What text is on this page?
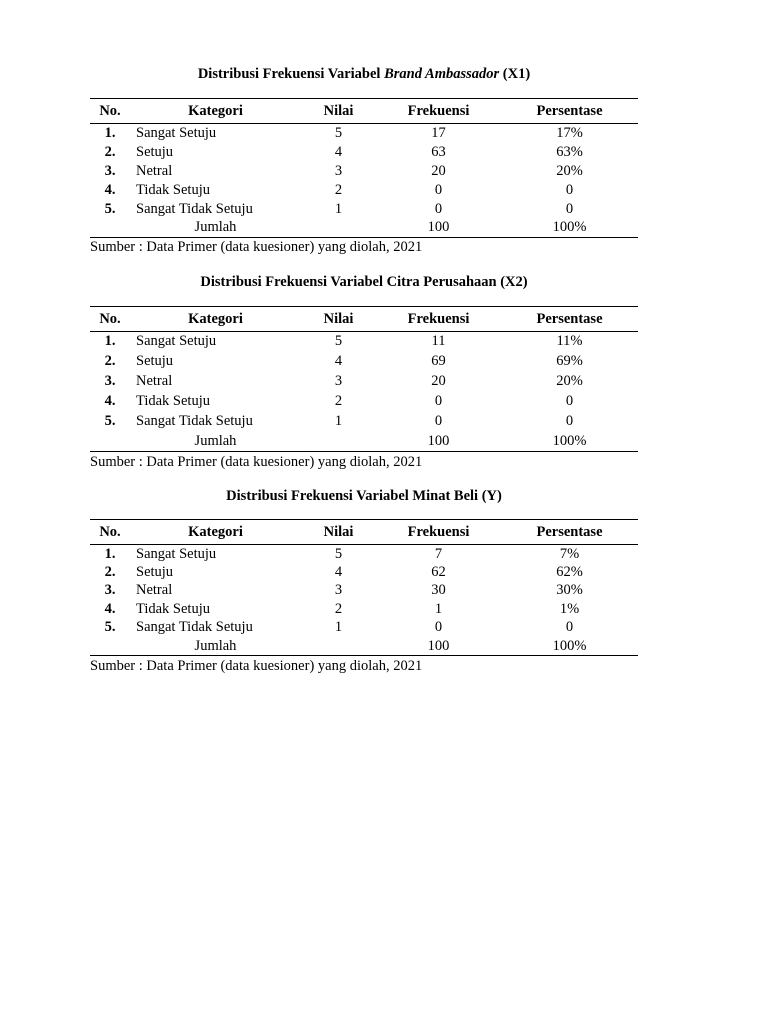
Distribusi Frekuensi Variabel Brand Ambassador (X1)
No.	Kategori	Nilai	Frekuensi	Persentase
1.	Sangat Setuju	5	17	17%
2.	Setuju	4	63	63%
3.	Netral	3	20	20%
4.	Tidak Setuju	2	0	0
5.	Sangat Tidak Setuju	1	0	0
	Jumlah		100	100%
Sumber : Data Primer (data kuesioner) yang diolah, 2021
Distribusi Frekuensi Variabel Citra Perusahaan (X2)
No.	Kategori	Nilai	Frekuensi	Persentase
1.	Sangat Setuju	5	11	11%
2.	Setuju	4	69	69%
3.	Netral	3	20	20%
4.	Tidak Setuju	2	0	0
5.	Sangat Tidak Setuju	1	0	0
	Jumlah		100	100%
Sumber : Data Primer (data kuesioner) yang diolah, 2021
Distribusi Frekuensi Variabel Minat Beli (Y)
No.	Kategori	Nilai	Frekuensi	Persentase
1.	Sangat Setuju	5	7	7%
2.	Setuju	4	62	62%
3.	Netral	3	30	30%
4.	Tidak Setuju	2	1	1%
5.	Sangat Tidak Setuju	1	0	0
	Jumlah		100	100%
Sumber : Data Primer (data kuesioner) yang diolah, 2021
